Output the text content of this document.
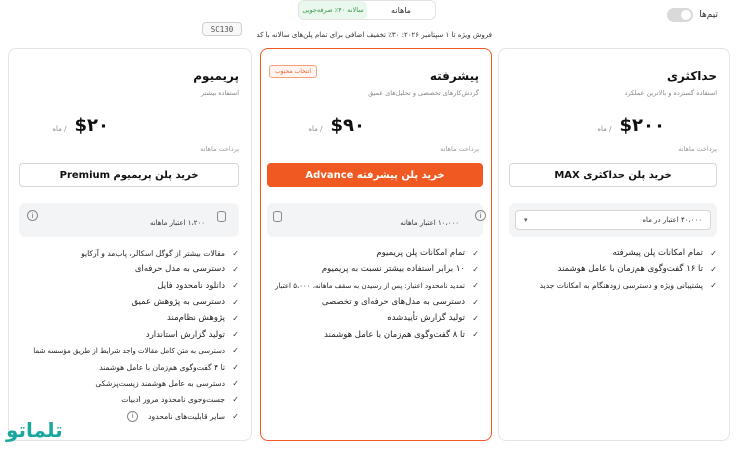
تیم‌ها
سالانه ۴۰٪ صرفه‌جویی	ماهانه
فروش ویژه تا ۱ سپتامبر ۲۰۲۶: ۳۰٪ تخفیف اضافی برای تمام پلن‌های سالانه با کد
SC130
حداکثری
استفاده گسترده و بالاترین عملکرد
$۲۰۰
/ ماه
پرداخت ماهانه
خرید پلن حداکثری MAX
۴۰،۰۰۰ اعتبار در ماه
▾
✓
تمام امکانات پلن پیشرفته
✓
تا ۱۶ گفت‌وگوی هم‌زمان با عامل هوشمند
✓
پشتیبانی ویژه و دسترسی زودهنگام به امکانات جدید
پیشرفته
گردش‌کارهای تخصصی و تحلیل‌های عمیق
انتخاب محبوب
$۹۰
/ ماه
پرداخت ماهانه
خرید پلن پیشرفته Advance
i
۱۰،۰۰۰ اعتبار ماهانه
✓
تمام امکانات پلن پریمیوم
✓
۱۰ برابر استفاده بیشتر نسبت به پریمیوم
✓
تمدید نامحدود اعتبار: پس از رسیدن به سقف ماهانه، ۵،۰۰۰ اعتبار
✓
دسترسی به مدل‌های حرفه‌ای و تخصصی
✓
تولید گزارش تأییدشده
✓
تا ۸ گفت‌وگوی هم‌زمان با عامل هوشمند
پریمیوم
استفاده بیشتر
$۲۰
/ ماه
پرداخت ماهانه
خرید پلن پریمیوم Premium
i
۱،۲۰۰ اعتبار ماهانه
✓
مقالات بیشتر از گوگل اسکالر، پاب‌مد و آرکایو
✓
دسترسی به مدل حرفه‌ای
✓
دانلود نامحدود فایل
✓
دسترسی به پژوهش عمیق
✓
پژوهش نظام‌مند
✓
تولید گزارش استاندارد
✓
دسترسی به متن کامل مقالات واجد شرایط از طریق مؤسسه شما
✓
تا ۴ گفت‌وگوی هم‌زمان با عامل هوشمند
✓
دسترسی به عامل هوشمند زیست‌پزشکی
✓
جست‌وجوی نامحدود مرور ادبیات
✓
سایر قابلیت‌های نامحدود
i
تلماتو
